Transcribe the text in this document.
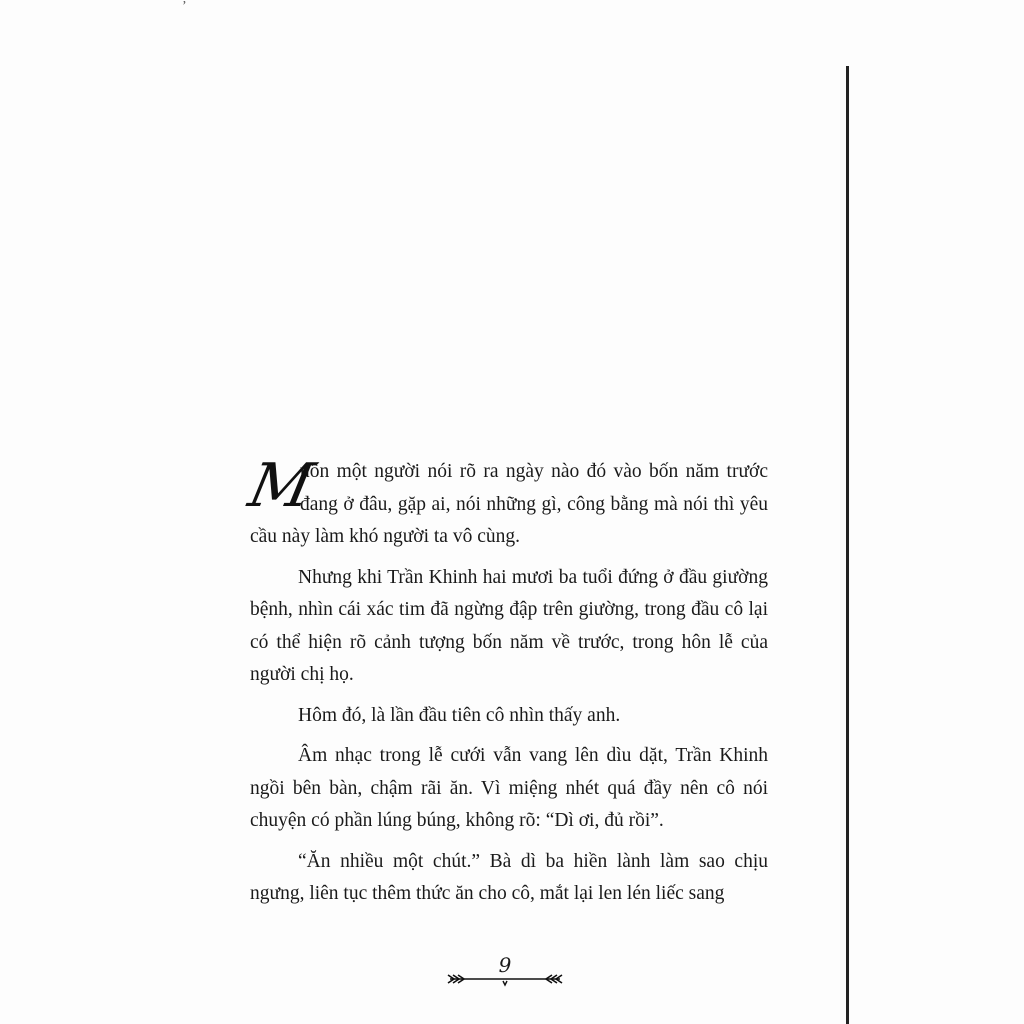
’

M
uốn một người nói rõ ra ngày nào đó vào bốn năm trước đang ở đâu, gặp ai, nói những gì, công bằng mà nói thì yêu cầu này làm khó người ta vô cùng.

Nhưng khi Trần Khinh hai mươi ba tuổi đứng ở đầu giường bệnh, nhìn cái xác tim đã ngừng đập trên giường, trong đầu cô lại có thể hiện rõ cảnh tượng bốn năm về trước, trong hôn lễ của người chị họ.

Hôm đó, là lần đầu tiên cô nhìn thấy anh.

Âm nhạc trong lễ cưới vẫn vang lên dìu dặt, Trần Khinh ngồi bên bàn, chậm rãi ăn. Vì miệng nhét quá đầy nên cô nói chuyện có phần lúng búng, không rõ: “Dì ơi, đủ rồi”.

“Ăn nhiều một chút.” Bà dì ba hiền lành làm sao chịu ngưng, liên tục thêm thức ăn cho cô, mắt lại len lén liếc sang

9
